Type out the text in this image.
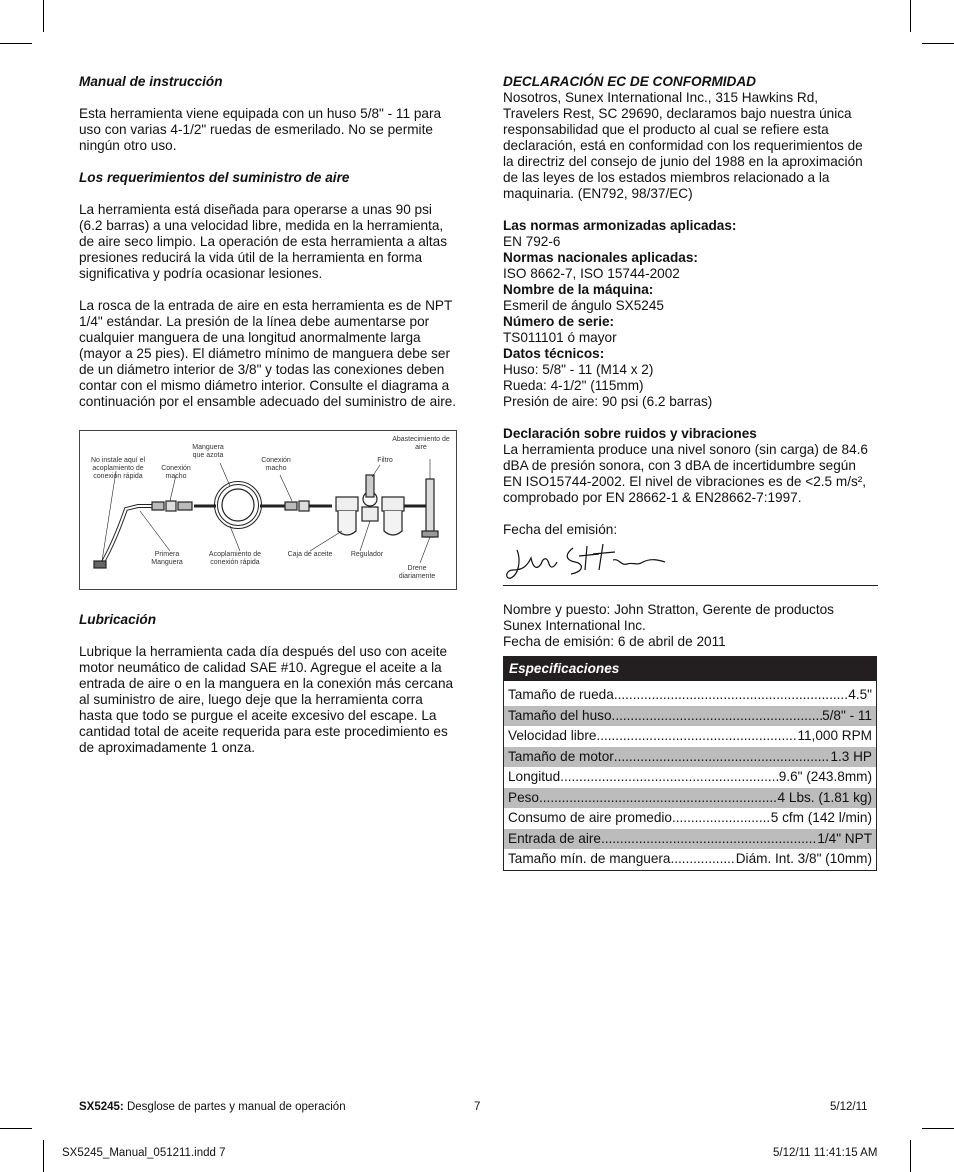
Manual de instrucción

Esta herramienta viene equipada con un huso 5/8" - 11 para uso con varias 4-1/2" ruedas de esmerilado. No se permite ningún otro uso.

Los requerimientos del suministro de aire

La herramienta está diseñada para operarse a unas 90 psi (6.2 barras) a una velocidad libre, medida en la herramienta, de aire seco limpio. La operación de esta herramienta a altas presiones reducirá la vida útil de la herramienta en forma significativa y podría ocasionar lesiones.

La rosca de la entrada de aire en esta herramienta es de NPT 1/4" estándar. La presión de la línea debe aumentarse por cualquier manguera de una longitud anormalmente larga (mayor a 25 pies). El diámetro mínimo de manguera debe ser de un diámetro interior de 3/8" y todas las conexiones deben contar con el mismo diámetro interior. Consulte el diagrama a continuación por el ensamble adecuado del suministro de aire.

No instale aquí el acoplamiento de conexión rápida
Conexión macho
Manguera que azota
Conexión macho
Filtro
Abastecimiento de aire
Primera Manguera
Acoplamiento de conexión rápida
Caja de aceite	Regulador
Drene diariamente

Lubricación

Lubrique la herramienta cada día después del uso con aceite motor neumático de calidad SAE #10. Agregue el aceite a la entrada de aire o en la manguera en la conexión más cercana al suministro de aire, luego deje que la herramienta corra hasta que todo se purgue el aceite excesivo del escape. La cantidad total de aceite requerida para este procedimiento es de aproximadamente 1 onza.

DECLARACIÓN EC DE CONFORMIDAD

Nosotros, Sunex International Inc., 315 Hawkins Rd, Travelers Rest, SC 29690, declaramos bajo nuestra única responsabilidad que el producto al cual se refiere esta declaración, está en conformidad con los requerimientos de la directriz del consejo de junio del 1988 en la aproximación de las leyes de los estados miembros relacionado a la maquinaria. (EN792, 98/37/EC)

Las normas armonizadas aplicadas:

EN 792-6

Normas nacionales aplicadas:

ISO 8662-7, ISO 15744-2002

Nombre de la máquina:

Esmeril de ángulo SX5245

Número de serie:

TS011101 ó mayor

Datos técnicos:

Huso: 5/8" - 11 (M14 x 2)

Rueda: 4-1/2" (115mm)

Presión de aire: 90 psi (6.2 barras)

Declaración sobre ruidos y vibraciones

La herramienta produce una nivel sonoro (sin carga) de 84.6 dBA de presión sonora, con 3 dBA de incertidumbre según EN ISO15744-2002. El nivel de vibraciones es de <2.5 m/s², comprobado por EN 28662-1 & EN28662-7:1997.

Fecha del emisión:

Nombre y puesto: John Stratton, Gerente de productos

Sunex International Inc.

Fecha de emisión: 6 de abril de 2011

Especificaciones
Tamaño de rueda .....	4.5"
Tamaño del huso .....	5/8" - 11
Velocidad libre .....	11,000 RPM
Tamaño de motor .....	1.3 HP
Longitud .....	9.6" (243.8mm)
Peso .....	4 Lbs. (1.81 kg)
Consumo de aire promedio. .....	5 cfm (142 l/min)
Entrada de aire .....	1/4" NPT
Tamaño mín. de manguera .....	Diám. Int. 3/8" (10mm)
SX5245: Desglose de partes y manual de operación	7	5/12/11
SX5245_Manual_051211.indd 7	5/12/11 11:41:15 AM
